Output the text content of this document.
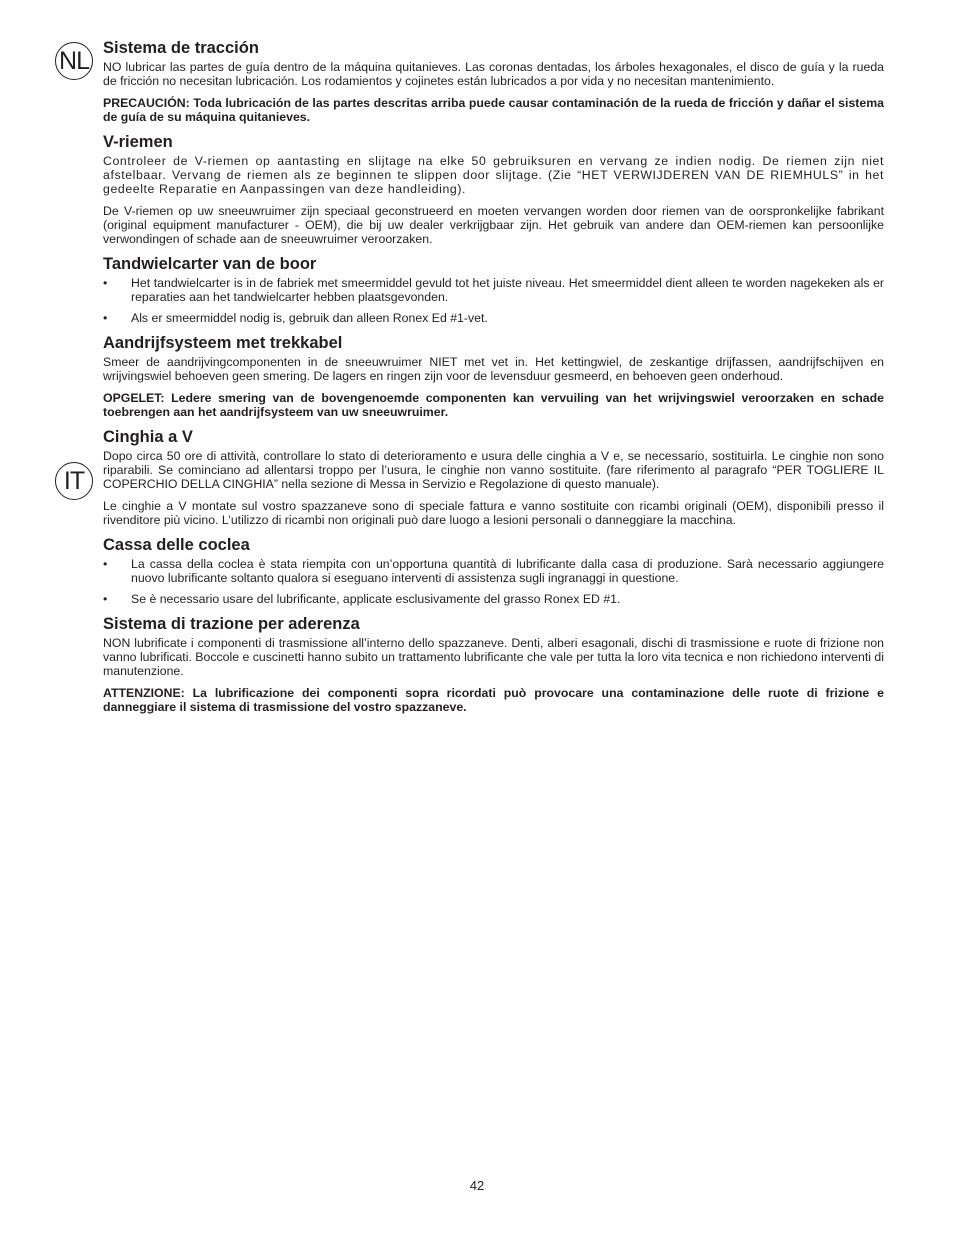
NL
IT
Sistema de tracción

NO lubricar las partes de guía dentro de la máquina quitanieves. Las coronas dentadas, los árboles hexagonales, el disco de guía y la rueda de fricción no necesitan lubricación. Los rodamientos y cojinetes están lubricados a por vida y no necesitan mantenimiento.

PRECAUCIÓN: Toda lubricación de las partes descritas arriba puede causar contaminación de la rueda de fricción y dañar el sistema de guía de su máquina quitanieves.

V-riemen

Controleer de V-riemen op aantasting en slijtage na elke 50 gebruiksuren en vervang ze indien nodig. De riemen zijn niet afstelbaar. Vervang de riemen als ze beginnen te slippen door slijtage. (Zie “HET VERWIJDEREN VAN DE RIEMHULS” in het gedeelte Reparatie en Aanpassingen van deze handleiding).

De V-riemen op uw sneeuwruimer zijn speciaal geconstrueerd en moeten vervangen worden door riemen van de oorspronkelijke fabrikant (original equipment manufacturer - OEM), die bij uw dealer verkrijgbaar zijn. Het gebruik van andere dan OEM-riemen kan persoonlijke verwondingen of schade aan de sneeuwruimer veroorzaken.

Tandwielcarter van de boor
• Het tandwielcarter is in de fabriek met smeermiddel gevuld tot het juiste niveau. Het smeermiddel dient alleen te worden nagekeken als er reparaties aan het tandwielcarter hebben plaatsgevonden.
• Als er smeermiddel nodig is, gebruik dan alleen Ronex Ed #1-vet.
Aandrijfsysteem met trekkabel

Smeer de aandrijvingcomponenten in de sneeuwruimer NIET met vet in. Het kettingwiel, de zeskantige drijfassen, aandrijfschijven en wrijvingswiel behoeven geen smering. De lagers en ringen zijn voor de levensduur gesmeerd, en behoeven geen onderhoud.

OPGELET: Ledere smering van de bovengenoemde componenten kan vervuiling van het wrijvingswiel veroorzaken en schade toebrengen aan het aandrijfsysteem van uw sneeuwruimer.

Cinghia a V

Dopo circa 50 ore di attività, controllare lo stato di deterioramento e usura delle cinghia a V e, se necessario, sostituirla. Le cinghie non sono riparabili. Se cominciano ad allentarsi troppo per l’usura, le cinghie non vanno sostituite. (fare riferimento al paragrafo “PER TOGLIERE IL COPERCHIO DELLA CINGHIA” nella sezione di Messa in Servizio e Regolazione di questo manuale).

Le cinghie a V montate sul vostro spazzaneve sono di speciale fattura e vanno sostituite con ricambi originali (OEM), disponibili presso il rivenditore più vicino. L’utilizzo di ricambi non originali può dare luogo a lesioni personali o danneggiare la macchina.

Cassa delle coclea
• La cassa della coclea è stata riempita con un’opportuna quantità di lubrificante dalla casa di produzione. Sarà necessario aggiungere nuovo lubrificante soltanto qualora si eseguano interventi di assistenza sugli ingranaggi in questione.
• Se è necessario usare del lubrificante, applicate esclusivamente del grasso Ronex ED #1.
Sistema di trazione per aderenza

NON lubrificate i componenti di trasmissione all’interno dello spazzaneve. Denti, alberi esagonali, dischi di trasmissione e ruote di frizione non vanno lubrificati. Boccole e cuscinetti hanno subito un trattamento lubrificante che vale per tutta la loro vita tecnica e non richiedono interventi di manutenzione.

ATTENZIONE: La lubrificazione dei componenti sopra ricordati può provocare una contaminazione delle ruote di frizione e danneggiare il sistema di trasmissione del vostro spazzaneve.

42
